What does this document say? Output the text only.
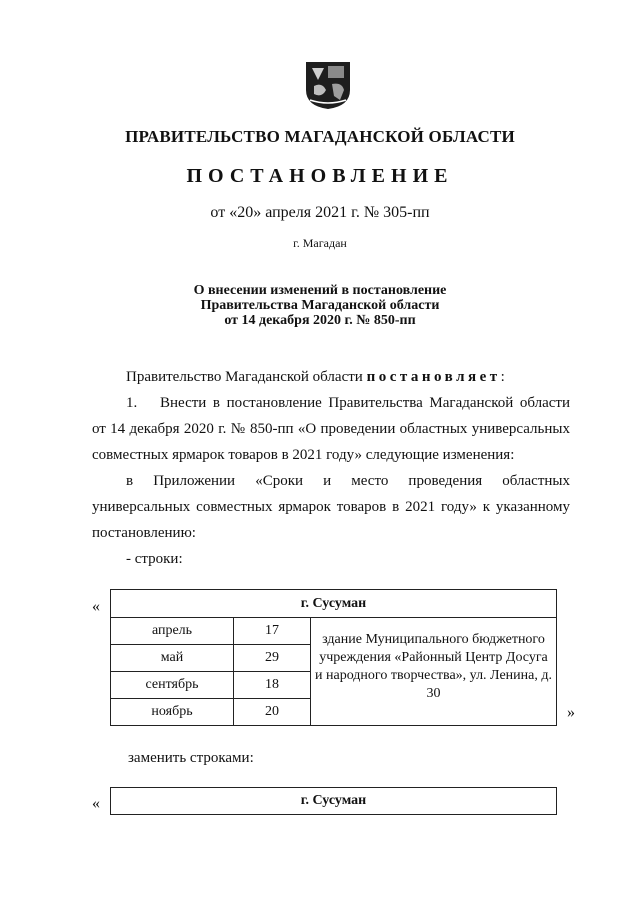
ПРАВИТЕЛЬСТВО МАГАДАНСКОЙ ОБЛАСТИ
ПОСТАНОВЛЕНИЕ
от «20» апреля 2021 г. № 305-пп
г. Магадан
О внесении изменений в постановление
Правительства Магаданской области
от 14 декабря 2020 г. № 850-пп
Правительство Магаданской области постановляет:
1. Внести в постановление Правительства Магаданской области от 14 декабря 2020 г. № 850-пп «О проведении областных универсальных совместных ярмарок товаров в 2021 году» следующие изменения:
в Приложении «Сроки и место проведения областных универсальных совместных ярмарок товаров в 2021 году» к указанному постановлению:
- строки:
«	г. Сусуман		
апрель	17	здание Муниципального бюджетного учреждения «Районный Центр Досуга и народного творчества», ул. Ленина, д. 30
май	29	
сентябрь	18	
ноябрь	20		»
заменить строками:
«	г. Сусуман
